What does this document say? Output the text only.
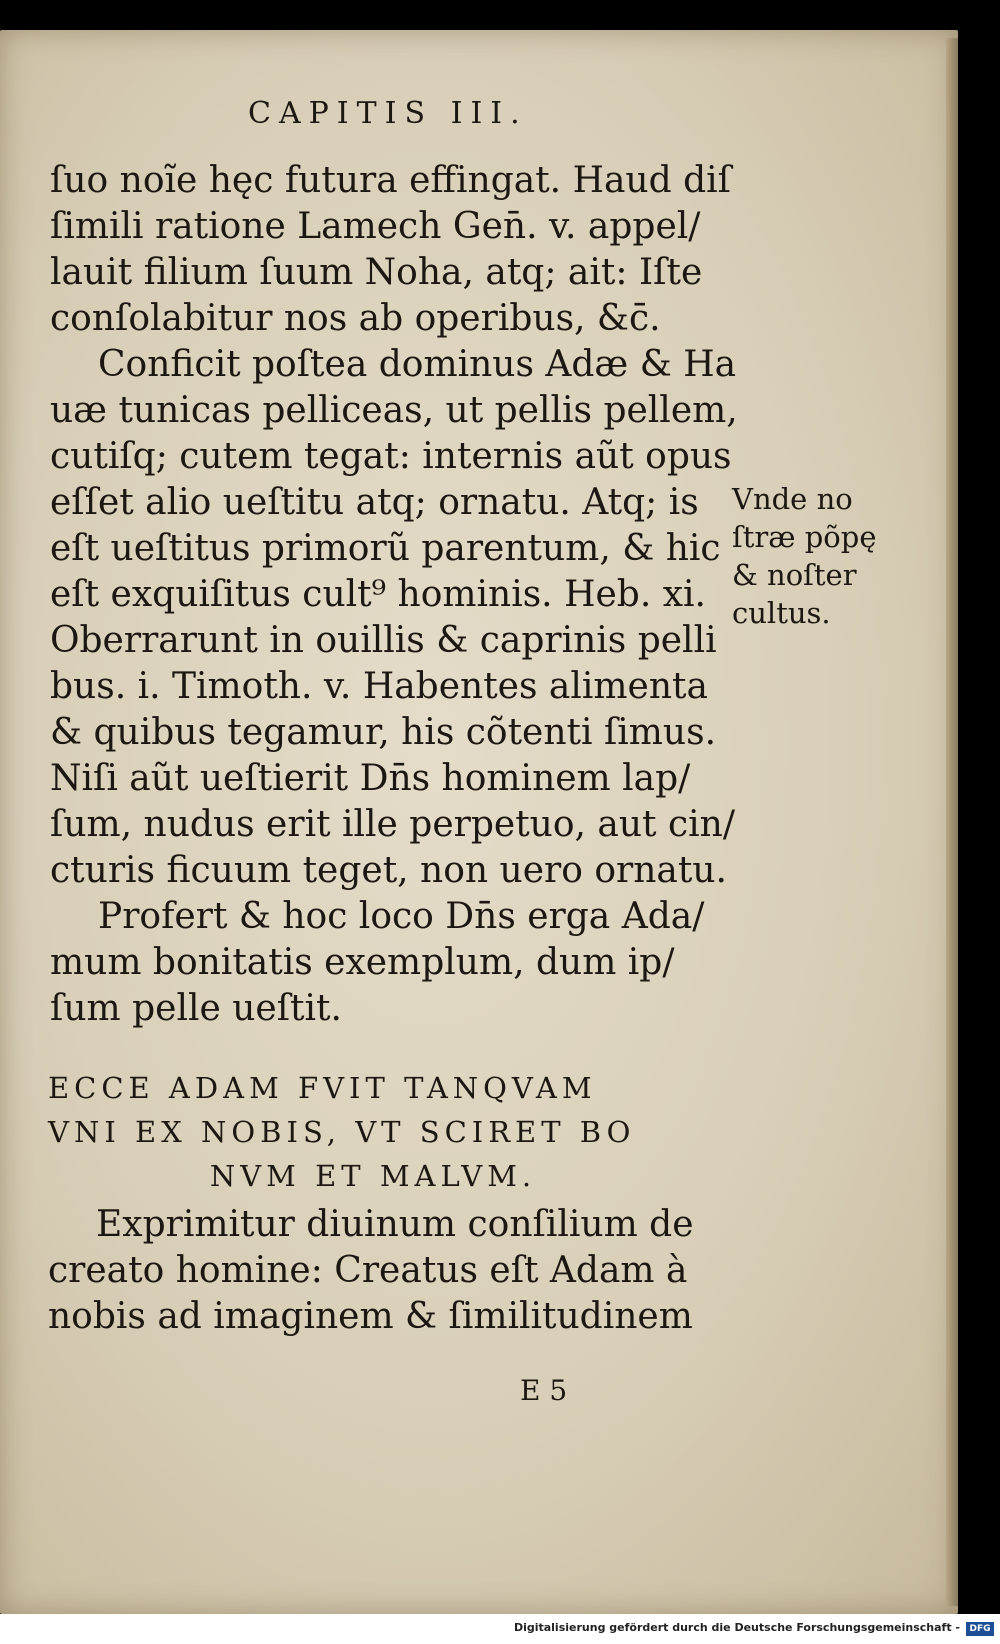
CAPITIS III.
ſuo noĩe hęc futura effingat. Haud diſ
ſimili ratione Lamech Gen̄. v. appel/
lauit filium ſuum Noha, atq; ait: Iſte
conſolabitur nos ab operibus, &c̄.
Conficit poſtea dominus Adæ & Ha
uæ tunicas pelliceas, ut pellis pellem,
cutiſq; cutem tegat: internis aũt opus
eſſet alio ueſtitu atq; ornatu. Atq; is
eſt ueſtitus primorũ parentum, & hic
eſt exquiſitus cult⁹ hominis. Heb. xi.
Oberrarunt in ouillis & caprinis pelli
bus. i. Timoth. v. Habentes alimenta
& quibus tegamur, his cõtenti ſimus.
Niſi aũt ueſtierit Dn̄s hominem lap/
ſum, nudus erit ille perpetuo, aut cin/
cturis ficuum teget, non uero ornatu.
Profert & hoc loco Dn̄s erga Ada/
mum bonitatis exemplum, dum ip/
ſum pelle ueſtit.
Vnde no
ſtræ põpę
& noſter
cultus.
ECCE ADAM FVIT TANQVAM
VNI EX NOBIS, VT SCIRET BO
NVM ET MALVM.
Exprimitur diuinum conſilium de
creato homine: Creatus eſt Adam à
nobis ad imaginem & ſimilitudinem
E 5
Digitalisierung gefördert durch die Deutsche Forschungsgemeinschaft -	DFG
